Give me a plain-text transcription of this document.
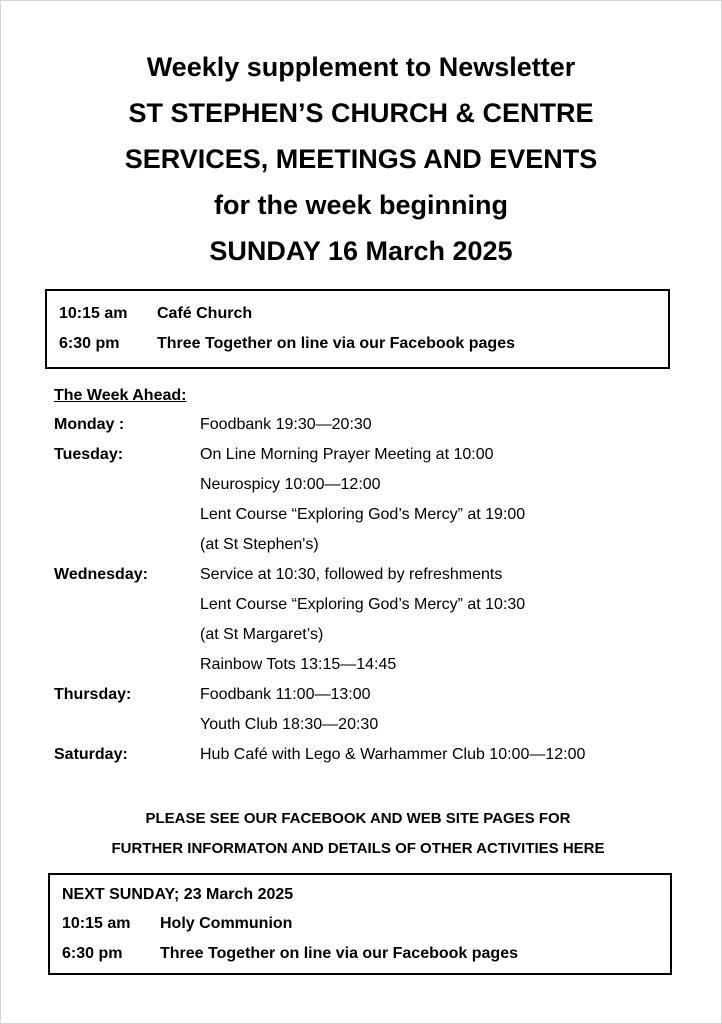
Weekly supplement to Newsletter
ST STEPHEN’S CHURCH & CENTRE
SERVICES, MEETINGS AND EVENTS
for the week beginning
SUNDAY 16 March 2025
10:15 am	Café Church
6:30 pm	Three Together on line via our Facebook pages
The Week Ahead:
Monday :	Foodbank 19:30—20:30
Tuesday:	On Line Morning Prayer Meeting at 10:00
Neurospicy 10:00—12:00
Lent Course “Exploring God’s Mercy” at 19:00
(at St Stephen's)
Wednesday:	Service at 10:30, followed by refreshments
Lent Course “Exploring God’s Mercy” at 10:30
(at St Margaret’s)
Rainbow Tots 13:15—14:45
Thursday:	Foodbank 11:00—13:00
Youth Club 18:30—20:30
Saturday:	Hub Café with Lego & Warhammer Club 10:00—12:00
PLEASE SEE OUR FACEBOOK AND WEB SITE PAGES FOR
FURTHER INFORMATON AND DETAILS OF OTHER ACTIVITIES HERE
NEXT SUNDAY; 23 March 2025
10:15 am	Holy Communion
6:30 pm	Three Together on line via our Facebook pages
